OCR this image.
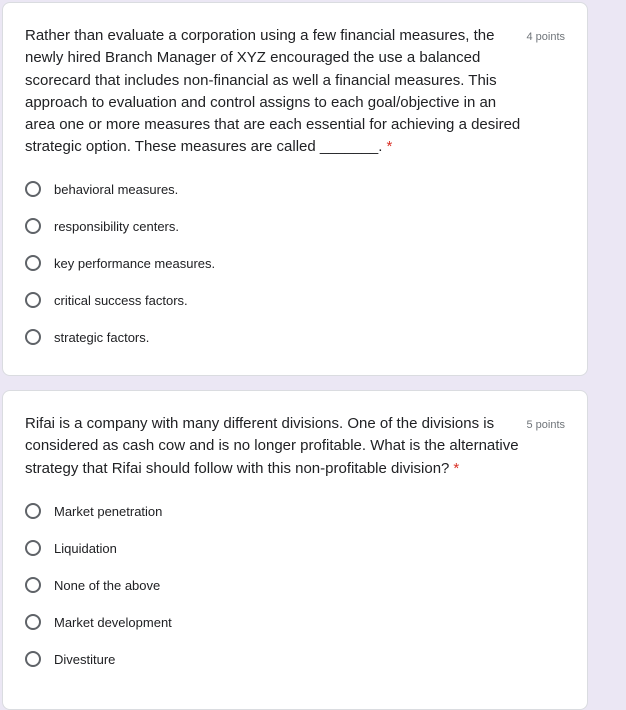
Rather than evaluate a corporation using a few financial measures, the newly hired Branch Manager of XYZ encouraged the use a balanced scorecard that includes non-financial as well a financial measures. This approach to evaluation and control assigns to each goal/objective in an area one or more measures that are each essential for achieving a desired strategic option. These measures are called _______. *
4 points
behavioral measures.
responsibility centers.
key performance measures.
critical success factors.
strategic factors.
Rifai is a company with many different divisions. One of the divisions is considered as cash cow and is no longer profitable. What is the alternative strategy that Rifai should follow with this non-profitable division? *
5 points
Market penetration
Liquidation
None of the above
Market development
Divestiture
